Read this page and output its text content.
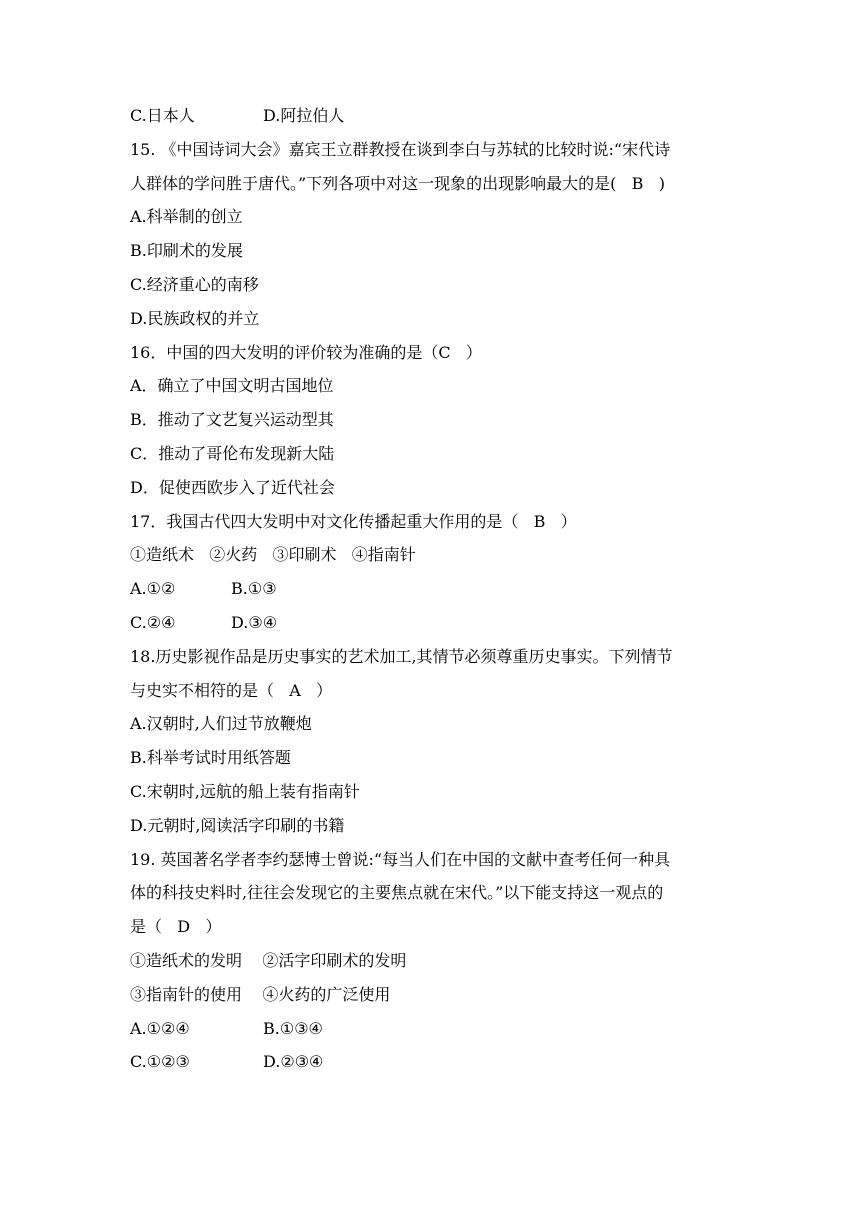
C.日本人	D.阿拉伯人
15. 《中国诗词大会》嘉宾王立群教授在谈到李白与苏轼的比较时说:“宋代诗
人群体的学问胜于唐代。”下列各项中对这一现象的出现影响最大的是(   B   )
A.科举制的创立
B.印刷术的发展
C.经济重心的南移
D.民族政权的并立
16．中国的四大发明的评价较为准确的是（C   ）
A．确立了中国文明古国地位
B．推动了文艺复兴运动型其
C．推动了哥伦布发现新大陆
D．促使西欧步入了近代社会
17．我国古代四大发明中对文化传播起重大作用的是（   B   ）
①造纸术   ②火药   ③印刷术   ④指南针
A.①②	B.①③
C.②④	D.③④
18.历史影视作品是历史事实的艺术加工,其情节必须尊重历史事实。下列情节
与史实不相符的是（   A   ）
A.汉朝时,人们过节放鞭炮
B.科举考试时用纸答题
C.宋朝时,远航的船上装有指南针
D.元朝时,阅读活字印刷的书籍
19. 英国著名学者李约瑟博士曾说:“每当人们在中国的文献中查考任何一种具
体的科技史料时,往往会发现它的主要焦点就在宋代。”以下能支持这一观点的
是（   D   ）
①造纸术的发明    ②活字印刷术的发明
③指南针的使用    ④火药的广泛使用
A.①②④	B.①③④
C.①②③	D.②③④
